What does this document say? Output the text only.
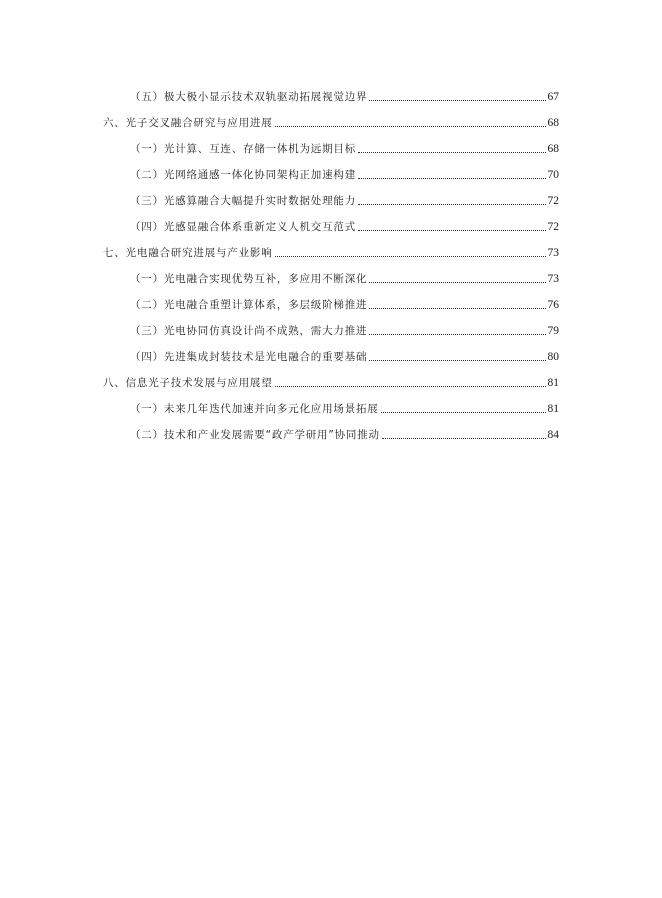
（五）极大极小显示技术双轨驱动拓展视觉边界	67
六、光子交叉融合研究与应用进展	68
（一）光计算、互连、存储一体机为远期目标	68
（二）光网络通感一体化协同架构正加速构建	70
（三）光感算融合大幅提升实时数据处理能力	72
（四）光感显融合体系重新定义人机交互范式	72
七、光电融合研究进展与产业影响	73
（一）光电融合实现优势互补，多应用不断深化	73
（二）光电融合重塑计算体系，多层级阶梯推进	76
（三）光电协同仿真设计尚不成熟，需大力推进	79
（四）先进集成封装技术是光电融合的重要基础	80
八、信息光子技术发展与应用展望	81
（一）未来几年迭代加速并向多元化应用场景拓展	81
（二）技术和产业发展需要“政产学研用”协同推动	84
